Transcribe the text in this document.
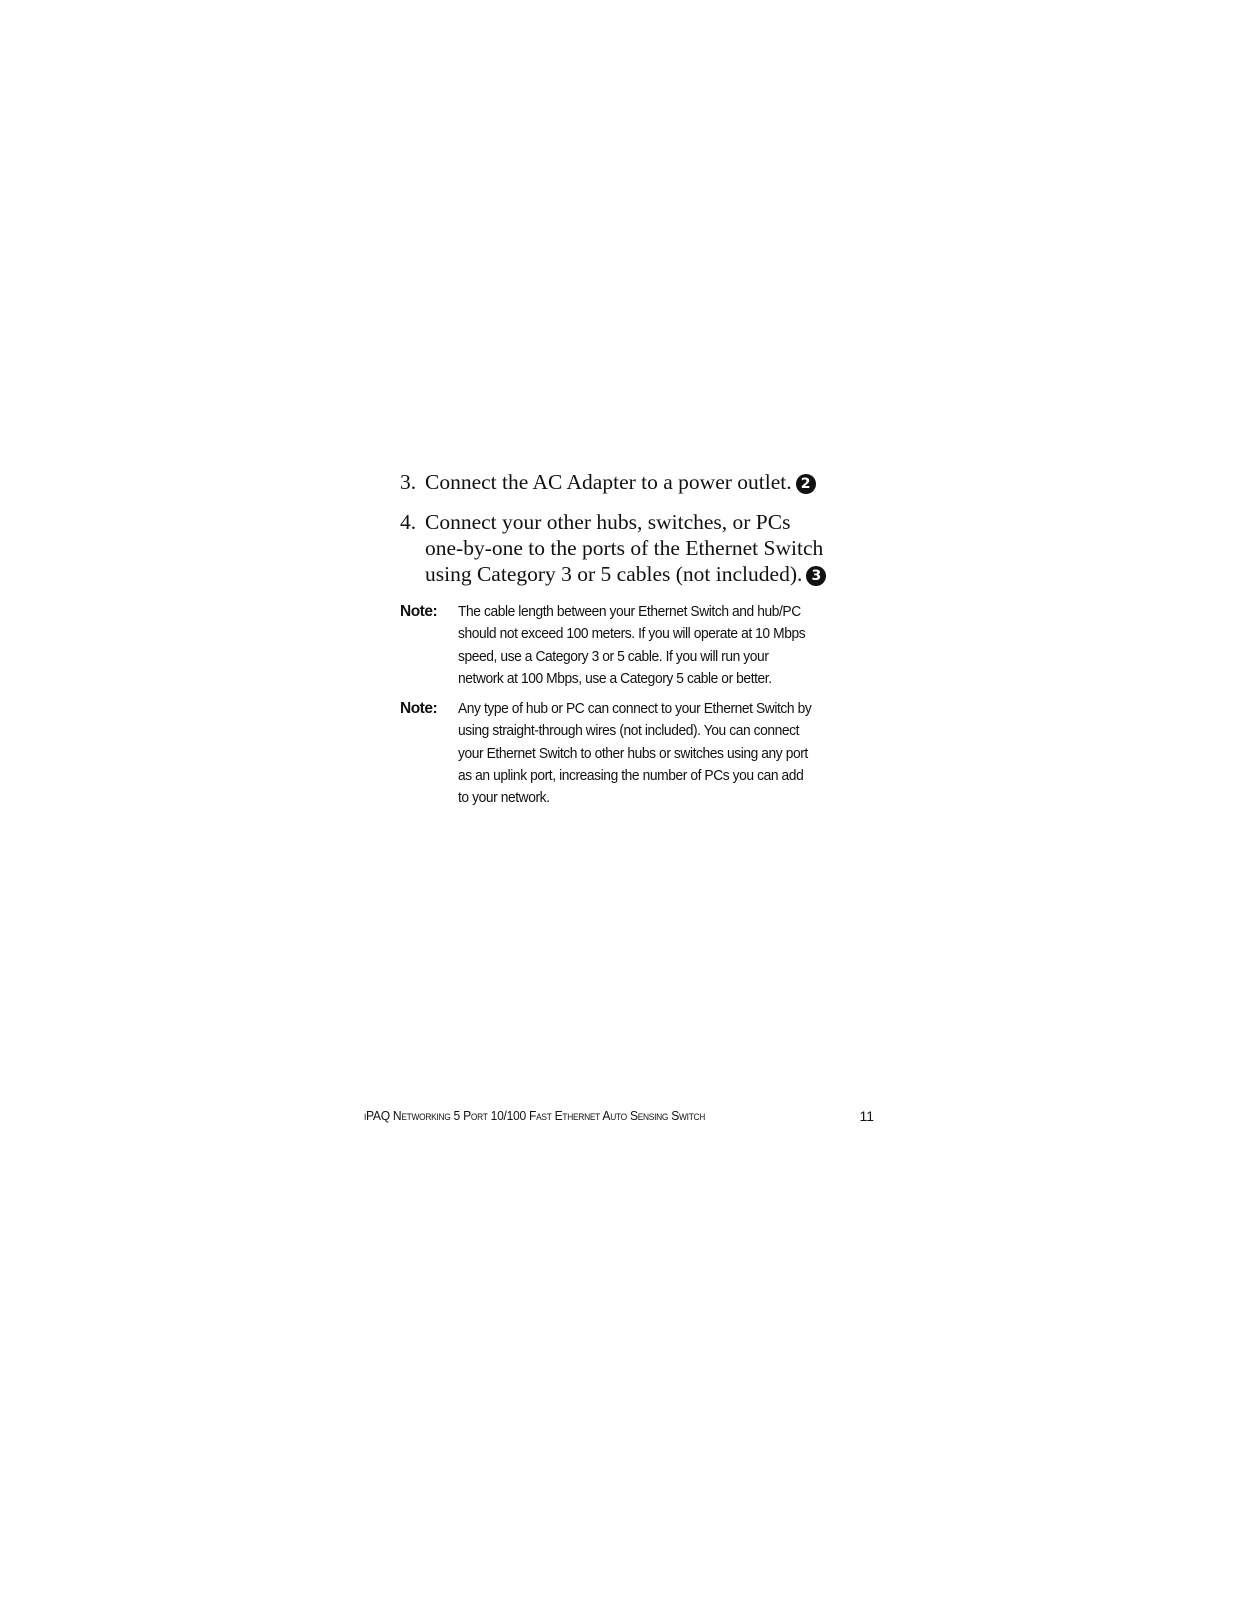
3. Connect the AC Adapter to a power outlet. 2
4. Connect your other hubs, switches, or PCs
one-by-one to the ports of the Ethernet Switch
using Category 3 or 5 cables (not included). 3
Note: The cable length between your Ethernet Switch and hub/PC
should not exceed 100 meters. If you will operate at 10 Mbps
speed, use a Category 3 or 5 cable. If you will run your
network at 100 Mbps, use a Category 5 cable or better.
Note: Any type of hub or PC can connect to your Ethernet Switch by
using straight-through wires (not included). You can connect
your Ethernet Switch to other hubs or switches using any port
as an uplink port, increasing the number of PCs you can add
to your network.
iPAQ Networking 5 Port 10/100 Fast Ethernet Auto Sensing Switch	11
